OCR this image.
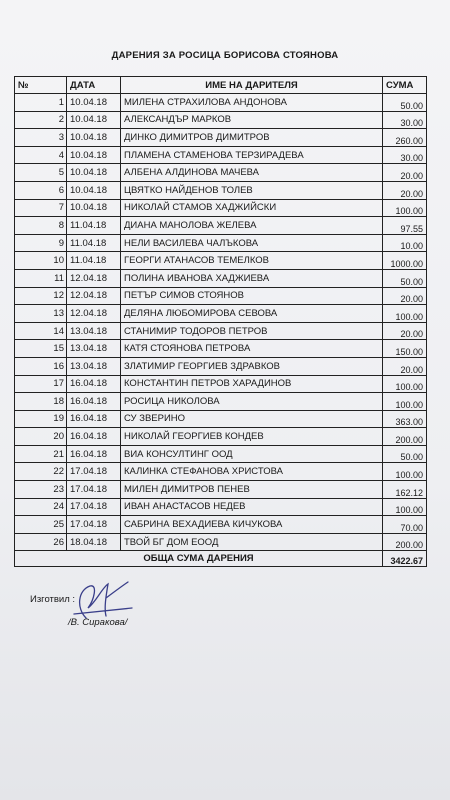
ДАРЕНИЯ ЗА РОСИЦА БОРИСОВА СТОЯНОВА
№	ДАТА	ИМЕ НА ДАРИТЕЛЯ	СУМА
1	10.04.18	МИЛЕНА СТРАХИЛОВА АНДОНОВА	50.00
2	10.04.18	АЛЕКСАНДЪР МАРКОВ	30.00
3	10.04.18	ДИНКО ДИМИТРОВ ДИМИТРОВ	260.00
4	10.04.18	ПЛАМЕНА СТАМЕНОВА ТЕРЗИРАДЕВА	30.00
5	10.04.18	АЛБЕНА АЛДИНОВА МАЧЕВА	20.00
6	10.04.18	ЦВЯТКО НАЙДЕНОВ ТОЛЕВ	20.00
7	10.04.18	НИКОЛАЙ СТАМОВ ХАДЖИЙСКИ	100.00
8	11.04.18	ДИАНА МАНОЛОВА ЖЕЛЕВА	97.55
9	11.04.18	НЕЛИ ВАСИЛЕВА ЧАЛЪКОВА	10.00
10	11.04.18	ГЕОРГИ АТАНАСОВ ТЕМЕЛКОВ	1000.00
11	12.04.18	ПОЛИНА ИВАНОВА ХАДЖИЕВА	50.00
12	12.04.18	ПЕТЪР СИМОВ СТОЯНОВ	20.00
13	12.04.18	ДЕЛЯНА ЛЮБОМИРОВА СЕВОВА	100.00
14	13.04.18	СТАНИМИР ТОДОРОВ ПЕТРОВ	20.00
15	13.04.18	КАТЯ СТОЯНОВА ПЕТРОВА	150.00
16	13.04.18	ЗЛАТИМИР ГЕОРГИЕВ ЗДРАВКОВ	20.00
17	16.04.18	КОНСТАНТИН ПЕТРОВ ХАРАДИНОВ	100.00
18	16.04.18	РОСИЦА НИКОЛОВА	100.00
19	16.04.18	СУ ЗВЕРИНО	363.00
20	16.04.18	НИКОЛАЙ ГЕОРГИЕВ КОНДЕВ	200.00
21	16.04.18	ВИА КОНСУЛТИНГ ООД	50.00
22	17.04.18	КАЛИНКА СТЕФАНОВА ХРИСТОВА	100.00
23	17.04.18	МИЛЕН ДИМИТРОВ ПЕНЕВ	162.12
24	17.04.18	ИВАН АНАСТАСОВ НЕДЕВ	100.00
25	17.04.18	САБРИНА ВЕХАДИЕВА КИЧУКОВА	70.00
26	18.04.18	ТВОЙ БГ ДОМ ЕООД	200.00
ОБЩА СУМА ДАРЕНИЯ			3422.67
Изготвил :
/В. Сиракова/
